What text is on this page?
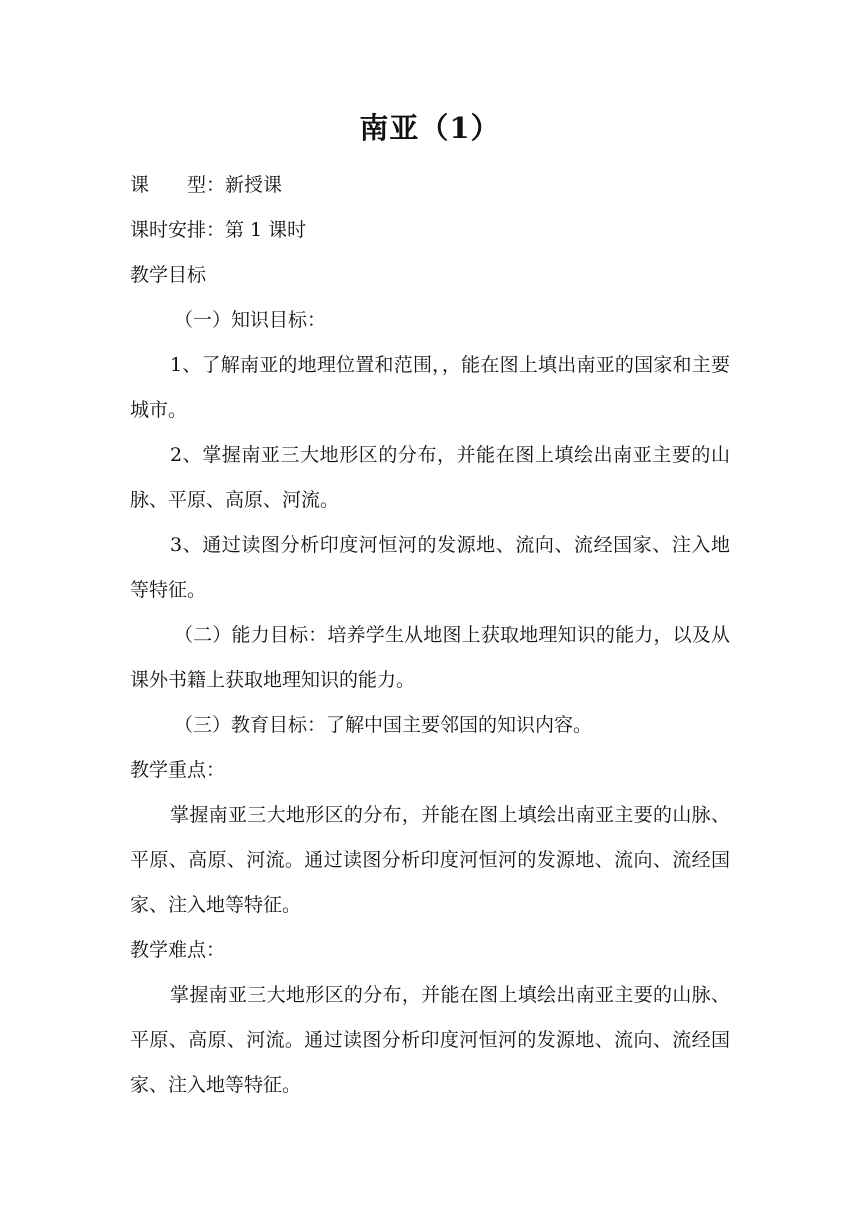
南亚（1）

课　　型：新授课

课时安排：第 1 课时

教学目标

（一）知识目标：

1、了解南亚的地理位置和范围，，能在图上填出南亚的国家和主要城市。

2、掌握南亚三大地形区的分布，并能在图上填绘出南亚主要的山脉、平原、高原、河流。

3、通过读图分析印度河恒河的发源地、流向、流经国家、注入地等特征。

（二）能力目标：培养学生从地图上获取地理知识的能力，以及从课外书籍上获取地理知识的能力。

（三）教育目标：了解中国主要邻国的知识内容。

教学重点：

掌握南亚三大地形区的分布，并能在图上填绘出南亚主要的山脉、平原、高原、河流。通过读图分析印度河恒河的发源地、流向、流经国家、注入地等特征。

教学难点：

掌握南亚三大地形区的分布，并能在图上填绘出南亚主要的山脉、平原、高原、河流。通过读图分析印度河恒河的发源地、流向、流经国家、注入地等特征。
